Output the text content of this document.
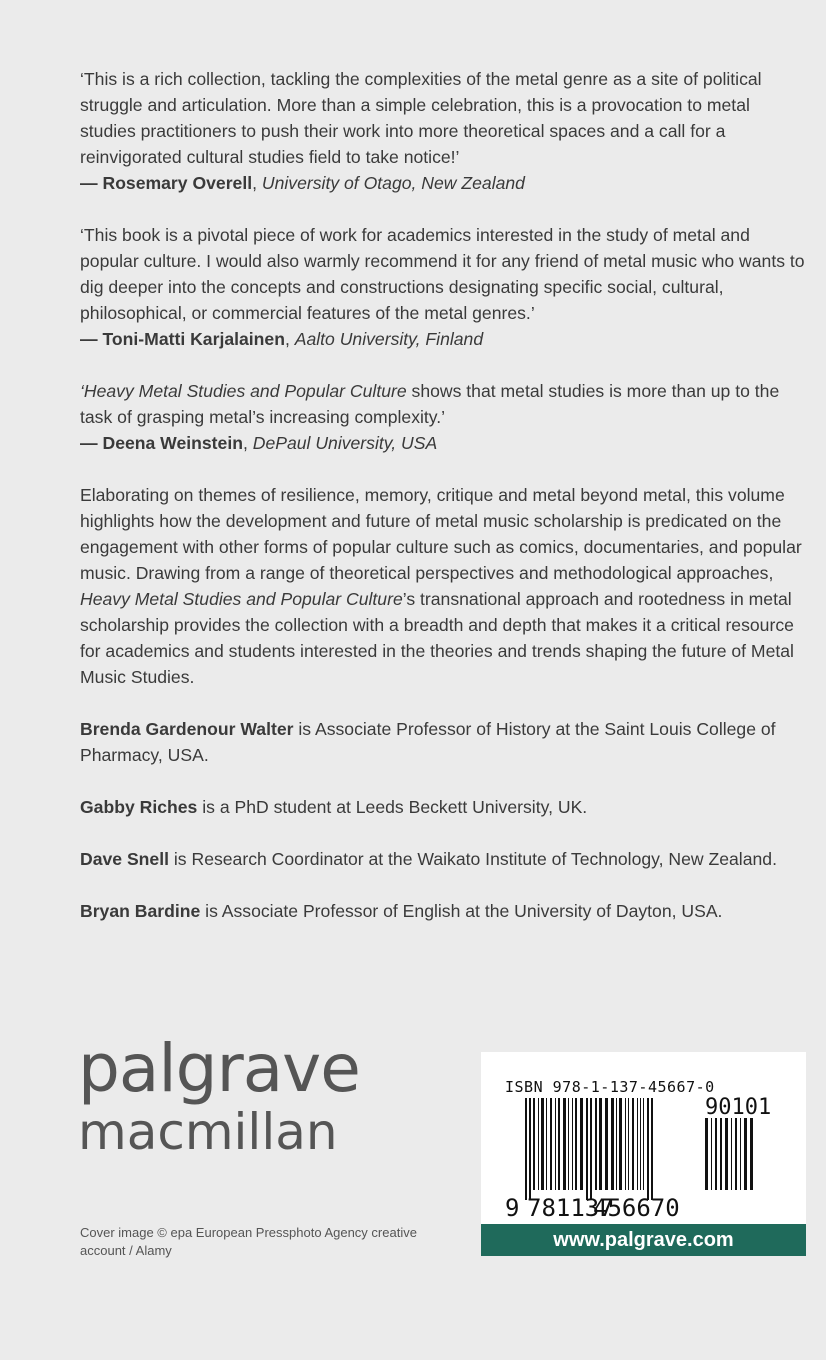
‘This is a rich collection, tackling the complexities of the metal genre as a site of political struggle and articulation. More than a simple celebration, this is a provocation to metal studies practitioners to push their work into more theoretical spaces and a call for a reinvigorated cultural studies field to take notice!’

— Rosemary Overell, University of Otago, New Zealand

‘This book is a pivotal piece of work for academics interested in the study of metal and popular culture. I would also warmly recommend it for any friend of metal music who wants to dig deeper into the concepts and constructions designating specific social, cultural, philosophical, or commercial features of the metal genres.’

— Toni-Matti Karjalainen, Aalto University, Finland

‘Heavy Metal Studies and Popular Culture shows that metal studies is more than up to the task of grasping metal’s increasing complexity.’

— Deena Weinstein, DePaul University, USA

Elaborating on themes of resilience, memory, critique and metal beyond metal, this volume highlights how the development and future of metal music scholarship is predicated on the engagement with other forms of popular culture such as comics, documentaries, and popular music. Drawing from a range of theoretical perspectives and methodological approaches, Heavy Metal Studies and Popular Culture’s transnational approach and rootedness in metal scholarship provides the collection with a breadth and depth that makes it a critical resource for academics and students interested in the theories and trends shaping the future of Metal Music Studies.

Brenda Gardenour Walter is Associate Professor of History at the Saint Louis College of Pharmacy, USA.

Gabby Riches is a PhD student at Leeds Beckett University, UK.

Dave Snell is Research Coordinator at the Waikato Institute of Technology, New Zealand.

Bryan Bardine is Associate Professor of English at the University of Dayton, USA.

palgrave
macmillan
Cover image © epa European Pressphoto Agency creative account / Alamy
ISBN 978-1-137-45667-0
9 781137
456670
90101
www.palgrave.com
